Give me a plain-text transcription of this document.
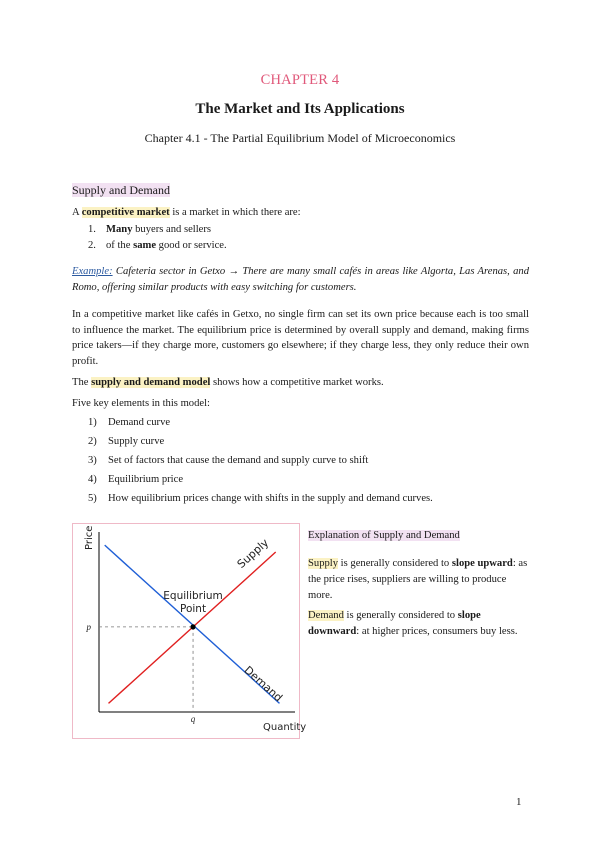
CHAPTER 4
The Market and Its Applications
Chapter 4.1 - The Partial Equilibrium Model of Microeconomics
Supply and Demand
A competitive market is a market in which there are:
1. Many buyers and sellers
2. of the same good or service.
Example: Cafeteria sector in Getxo → There are many small cafés in areas like Algorta, Las Arenas, and Romo, offering similar products with easy switching for customers.
In a competitive market like cafés in Getxo, no single firm can set its own price because each is too small to influence the market. The equilibrium price is determined by overall supply and demand, making firms price takers—if they charge more, customers go elsewhere; if they charge less, they only reduce their own profit.
The supply and demand model shows how a competitive market works.
Five key elements in this model:
1) Demand curve
2) Supply curve
3) Set of factors that cause the demand and supply curve to shift
4) Equilibrium price
5) How equilibrium prices change with shifts in the supply and demand curves.
Quantity
Price	Supply
Demand
Equilibrium
Point
p
q
Explanation of Supply and Demand
Supply is generally considered to slope upward: as the price rises, suppliers are willing to produce more.
Demand is generally considered to slope downward: at higher prices, consumers buy less.
1
